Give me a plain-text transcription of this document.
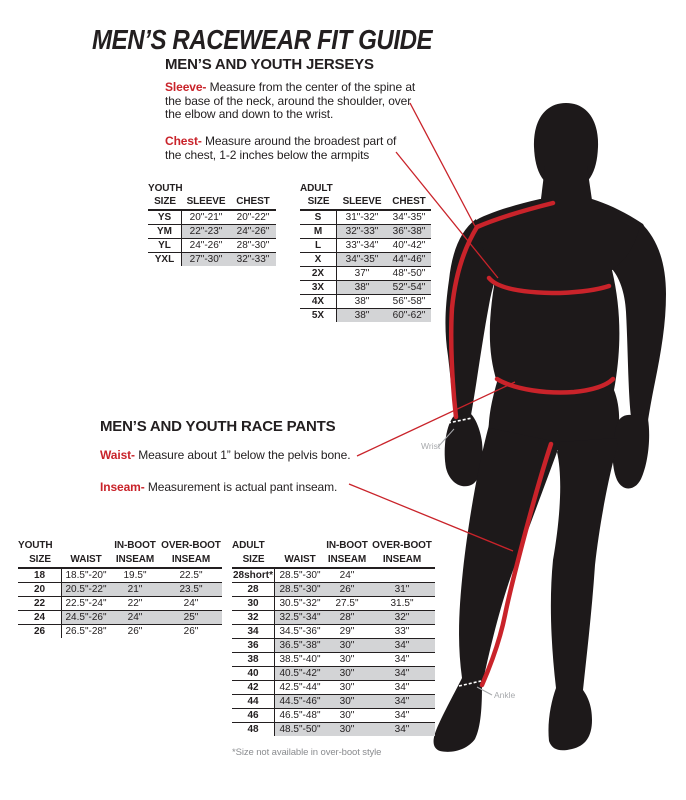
MEN’S RACEWEAR FIT GUIDE
MEN’S AND YOUTH JERSEYS
Sleeve- Measure from the center of the spine at the base of the neck, around the shoulder, over the elbow and down to the wrist.
Chest- Measure around the broadest part of the chest, 1-2 inches below the armpits
YOUTH
SIZE	SLEEVE	CHEST
YS	20"-21"	20"-22"
YM	22"-23"	24"-26"
YL	24"-26"	28"-30"
YXL	27"-30"	32"-33"
ADULT
SIZE	SLEEVE	CHEST
S	31"-32"	34"-35"
M	32"-33"	36"-38"
L	33"-34"	40"-42"
X	34"-35"	44"-46"
2X	37"	48"-50"
3X	38"	52"-54"
4X	38"	56"-58"
5X	38"	60"-62"
MEN’S AND YOUTH RACE PANTS
Waist- Measure about 1” below the pelvis bone.
Inseam- Measurement is actual pant inseam.
YOUTH	IN-BOOT OVER-BOOT
SIZE	WAIST	INSEAM	INSEAM
18	18.5"-20"	19.5"	22.5"
20	20.5"-22"	21"	23.5"
22	22.5"-24"	22"	24"
24	24.5"-26"	24"	25"
26	26.5"-28"	26"	26"
ADULT	IN-BOOT OVER-BOOT
SIZE	WAIST	INSEAM	INSEAM
28short* 28.5"-30"	24"
28	28.5"-30"	26"	31"
30	30.5"-32"	27.5"	31.5"
32	32.5"-34"	28"	32"
34	34.5"-36"	29"	33"
36	36.5"-38"	30"	34"
38	38.5"-40"	30"	34"
40	40.5"-42"	30"	34"
42	42.5"-44"	30"	34"
44	44.5"-46"	30"	34"
46	46.5"-48"	30"	34"
48	48.5"-50"	30"	34"
*Size not available in over-boot style
Wrist
Ankle
